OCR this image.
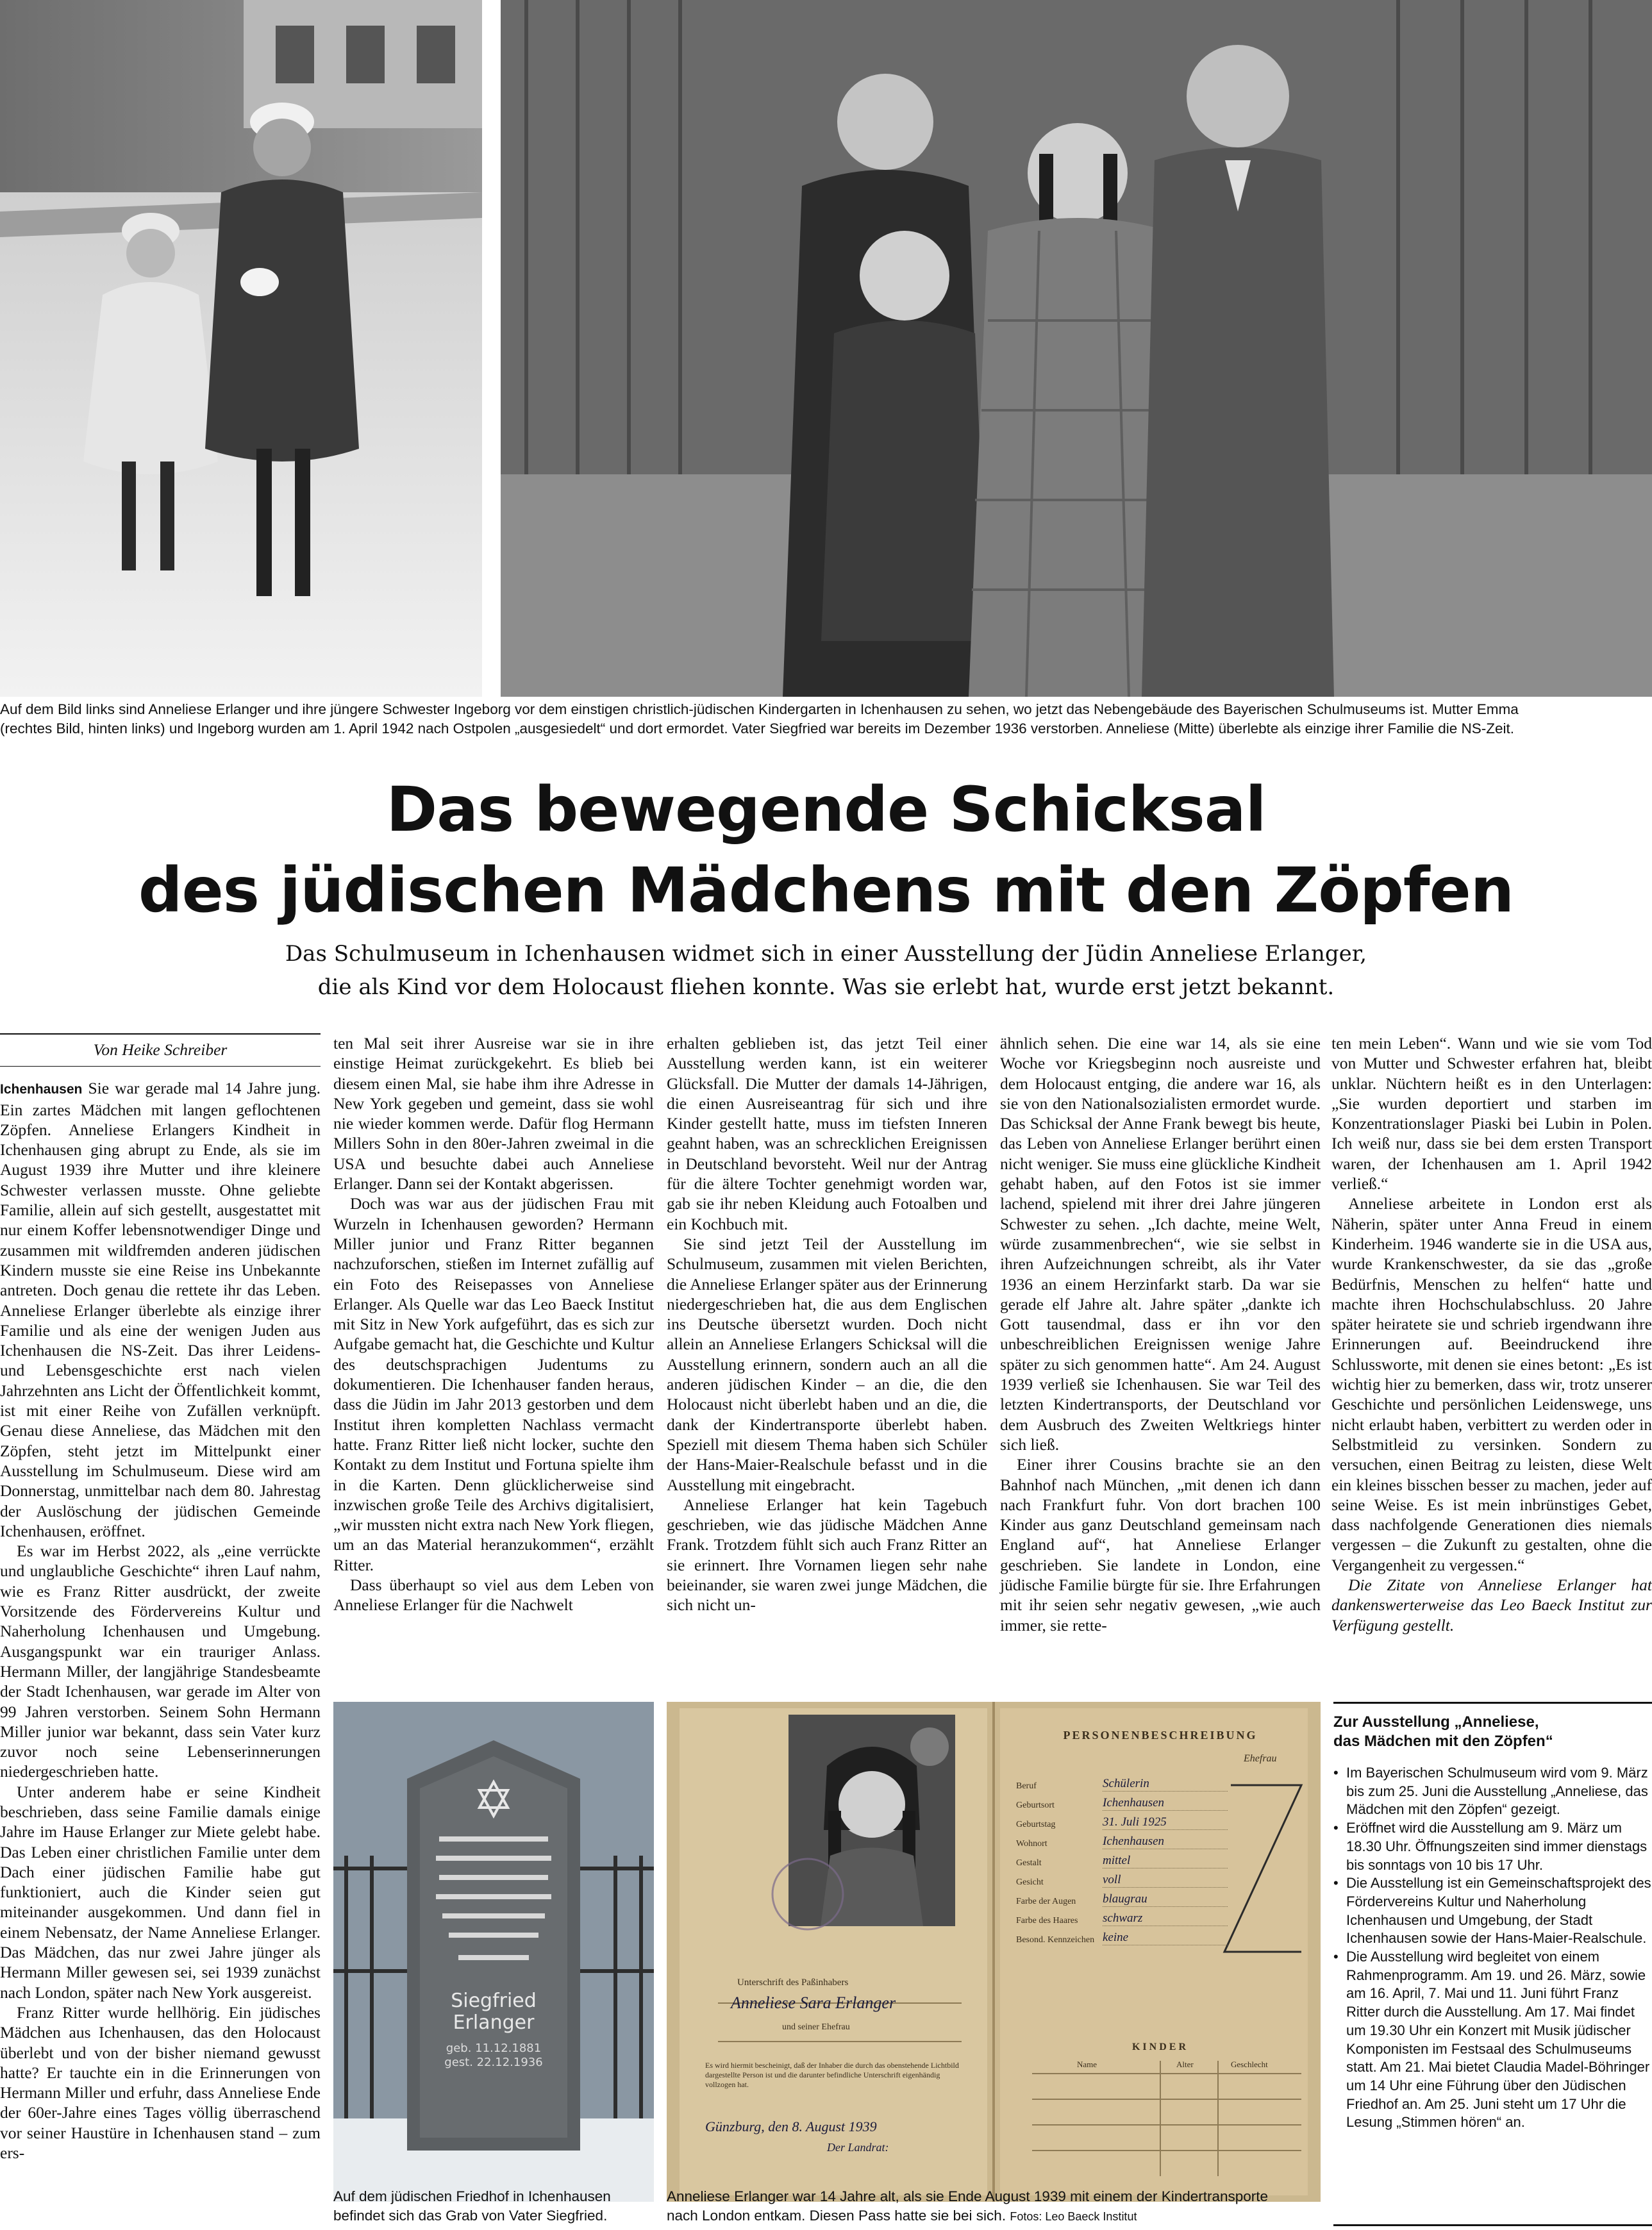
Auf dem Bild links sind Anneliese Erlanger und ihre jüngere Schwester Ingeborg vor dem einstigen christlich-jüdischen Kindergarten in Ichenhausen zu sehen, wo jetzt das Nebengebäude des Bayerischen Schulmuseums ist. Mutter Emma
(rechtes Bild, hinten links) und Ingeborg wurden am 1. April 1942 nach Ostpolen „ausgesiedelt“ und dort ermordet. Vater Siegfried war bereits im Dezember 1936 verstorben. Anneliese (Mitte) überlebte als einzige ihrer Familie die NS-Zeit.

Das bewegende Schicksal
des jüdischen Mädchens mit den Zöpfen

Das Schulmuseum in Ichenhausen widmet sich in einer Ausstellung der Jüdin Anneliese Erlanger,
die als Kind vor dem Holocaust fliehen konnte. Was sie erlebt hat, wurde erst jetzt bekannt.

Von Heike Schreiber

Ichenhausen Sie war gerade mal 14 Jahre jung. Ein zartes Mädchen mit langen geflochtenen Zöpfen. Anneliese Erlangers Kindheit in Ichenhausen ging abrupt zu Ende, als sie im August 1939 ihre Mutter und ihre kleinere Schwester verlassen musste. Ohne geliebte Familie, allein auf sich gestellt, ausgestattet mit nur einem Koffer lebensnotwendiger Dinge und zusammen mit wildfremden anderen jüdischen Kindern musste sie eine Reise ins Unbekannte antreten. Doch genau die rettete ihr das Leben. Anneliese Erlanger überlebte als einzige ihrer Familie und als eine der wenigen Juden aus Ichenhausen die NS-Zeit. Das ihrer Leidens- und Lebensgeschichte erst nach vielen Jahrzehnten ans Licht der Öffentlichkeit kommt, ist mit einer Reihe von Zufällen verknüpft. Genau diese Anneliese, das Mädchen mit den Zöpfen, steht jetzt im Mittelpunkt einer Ausstellung im Schulmuseum. Diese wird am Donnerstag, unmittelbar nach dem 80. Jahrestag der Auslöschung der jüdischen Gemeinde Ichenhausen, eröffnet.

Es war im Herbst 2022, als „eine verrückte und unglaubliche Geschichte“ ihren Lauf nahm, wie es Franz Ritter ausdrückt, der zweite Vorsitzende des Fördervereins Kultur und Naherholung Ichenhausen und Umgebung. Ausgangspunkt war ein trauriger Anlass. Hermann Miller, der langjährige Standesbeamte der Stadt Ichenhausen, war gerade im Alter von 99 Jahren verstorben. Seinem Sohn Hermann Miller junior war bekannt, dass sein Vater kurz zuvor noch seine Lebenserinnerungen niedergeschrieben hatte.

Unter anderem habe er seine Kindheit beschrieben, dass seine Familie damals einige Jahre im Hause Erlanger zur Miete gelebt habe. Das Leben einer christlichen Familie unter dem Dach einer jüdischen Familie habe gut funktioniert, auch die Kinder seien gut miteinander ausgekommen. Und dann fiel in einem Nebensatz, der Name Anneliese Erlanger. Das Mädchen, das nur zwei Jahre jünger als Hermann Miller gewesen sei, sei 1939 zunächst nach London, später nach New York ausgereist.

Franz Ritter wurde hellhörig. Ein jüdisches Mädchen aus Ichenhausen, das den Holocaust überlebt und von der bisher niemand gewusst hatte? Er tauchte ein in die Erinnerungen von Hermann Miller und erfuhr, dass Anneliese Ende der 60er-Jahre eines Tages völlig überraschend vor seiner Haustüre in Ichenhausen stand – zum ers-

ten Mal seit ihrer Ausreise war sie in ihre einstige Heimat zurückgekehrt. Es blieb bei diesem einen Mal, sie habe ihm ihre Adresse in New York gegeben und gemeint, dass sie wohl nie wieder kommen werde. Dafür flog Hermann Millers Sohn in den 80er-Jahren zweimal in die USA und besuchte dabei auch Anneliese Erlanger. Dann sei der Kontakt abgerissen.

Doch was war aus der jüdischen Frau mit Wurzeln in Ichenhausen geworden? Hermann Miller junior und Franz Ritter begannen nachzuforschen, stießen im Internet zufällig auf ein Foto des Reisepasses von Anneliese Erlanger. Als Quelle war das Leo Baeck Institut mit Sitz in New York aufgeführt, das es sich zur Aufgabe gemacht hat, die Geschichte und Kultur des deutschsprachigen Judentums zu dokumentieren. Die Ichenhauser fanden heraus, dass die Jüdin im Jahr 2013 gestorben und dem Institut ihren kompletten Nachlass vermacht hatte. Franz Ritter ließ nicht locker, suchte den Kontakt zu dem Institut und Fortuna spielte ihm in die Karten. Denn glücklicherweise sind inzwischen große Teile des Archivs digitalisiert, „wir mussten nicht extra nach New York fliegen, um an das Material heranzukommen“, erzählt Ritter.

Dass überhaupt so viel aus dem Leben von Anneliese Erlanger für die Nachwelt

erhalten geblieben ist, das jetzt Teil einer Ausstellung werden kann, ist ein weiterer Glücksfall. Die Mutter der damals 14-Jährigen, die einen Ausreiseantrag für sich und ihre Kinder gestellt hatte, muss im tiefsten Inneren geahnt haben, was an schrecklichen Ereignissen in Deutschland bevorsteht. Weil nur der Antrag für die ältere Tochter genehmigt worden war, gab sie ihr neben Kleidung auch Fotoalben und ein Kochbuch mit.

Sie sind jetzt Teil der Ausstellung im Schulmuseum, zusammen mit vielen Berichten, die Anneliese Erlanger später aus der Erinnerung niedergeschrieben hat, die aus dem Englischen ins Deutsche übersetzt wurden. Doch nicht allein an Anneliese Erlangers Schicksal will die Ausstellung erinnern, sondern auch an all die anderen jüdischen Kinder – an die, die den Holocaust nicht überlebt haben und an die, die dank der Kindertransporte überlebt haben. Speziell mit diesem Thema haben sich Schüler der Hans-Maier-Realschule befasst und in die Ausstellung mit eingebracht.

Anneliese Erlanger hat kein Tagebuch geschrieben, wie das jüdische Mädchen Anne Frank. Trotzdem fühlt sich auch Franz Ritter an sie erinnert. Ihre Vornamen liegen sehr nahe beieinander, sie waren zwei junge Mädchen, die sich nicht un-

ähnlich sehen. Die eine war 14, als sie eine Woche vor Kriegsbeginn noch ausreiste und dem Holocaust entging, die andere war 16, als sie von den Nationalsozialisten ermordet wurde. Das Schicksal der Anne Frank bewegt bis heute, das Leben von Anneliese Erlanger berührt einen nicht weniger. Sie muss eine glückliche Kindheit gehabt haben, auf den Fotos ist sie immer lachend, spielend mit ihrer drei Jahre jüngeren Schwester zu sehen. „Ich dachte, meine Welt, würde zusammenbrechen“, wie sie selbst in ihren Aufzeichnungen schreibt, als ihr Vater 1936 an einem Herzinfarkt starb. Da war sie gerade elf Jahre alt. Jahre später „dankte ich Gott tausendmal, dass er ihn vor den unbeschreiblichen Ereignissen wenige Jahre später zu sich genommen hatte“. Am 24. August 1939 verließ sie Ichenhausen. Sie war Teil des letzten Kindertransports, der Deutschland vor dem Ausbruch des Zweiten Weltkriegs hinter sich ließ.

Einer ihrer Cousins brachte sie an den Bahnhof nach München, „mit denen ich dann nach Frankfurt fuhr. Von dort brachen 100 Kinder aus ganz Deutschland gemeinsam nach England auf“, hat Anneliese Erlanger geschrieben. Sie landete in London, eine jüdische Familie bürgte für sie. Ihre Erfahrungen mit ihr seien sehr negativ gewesen, „wie auch immer, sie rette-

ten mein Leben“. Wann und wie sie vom Tod von Mutter und Schwester erfahren hat, bleibt unklar. Nüchtern heißt es in den Unterlagen: „Sie wurden deportiert und starben im Konzentrationslager Piaski bei Lubin in Polen. Ich weiß nur, dass sie bei dem ersten Transport waren, der Ichenhausen am 1. April 1942 verließ.“

Anneliese arbeitete in London erst als Näherin, später unter Anna Freud in einem Kinderheim. 1946 wanderte sie in die USA aus, wurde Krankenschwester, da sie das „große Bedürfnis, Menschen zu helfen“ hatte und machte ihren Hochschulabschluss. 20 Jahre später heiratete sie und schrieb irgendwann ihre Erinnerungen auf. Beeindruckend ihre Schlussworte, mit denen sie eines betont: „Es ist wichtig hier zu bemerken, dass wir, trotz unserer Geschichte und persönlichen Leidenswege, uns nicht erlaubt haben, verbittert zu werden oder in Selbstmitleid zu versinken. Sondern zu versuchen, einen Beitrag zu leisten, diese Welt ein kleines bisschen besser zu machen, jeder auf seine Weise. Es ist mein inbrünstiges Gebet, dass nachfolgende Generationen dies niemals vergessen – die Zukunft zu gestalten, ohne die Vergangenheit zu vergessen.“

Die Zitate von Anneliese Erlanger hat dankenswerterweise das Leo Baeck Institut zur Verfügung gestellt.

Siegfried
Erlanger
geb. 11.12.1881
gest. 22.12.1936

Auf dem jüdischen Friedhof in Ichenhausen
befindet sich das Grab von Vater Siegfried.

PERSONENBESCHREIBUNG
Ehefrau
Beruf	Schülerin
Geburtsort	Ichenhausen
Geburtstag	31. Juli 1925
Wohnort	Ichenhausen
Gestalt	mittel
Gesicht	voll
Farbe der Augen	blaugrau
Farbe des Haares	schwarz
Besond. Kennzeichen keine
Unterschrift des Paßinhabers
Anneliese Sara Erlanger
und seiner Ehefrau
KINDER
Name	Alter	Geschlecht
Es wird hiermit bescheinigt, daß der Inhaber die durch das obenstehende Lichtbild dargestellte Person ist und die darunter befindliche Unterschrift eigenhändig vollzogen hat.
Günzburg, den 8. August 1939
Der Landrat:

Anneliese Erlanger war 14 Jahre alt, als sie Ende August 1939 mit einem der Kindertransporte
nach London entkam. Diesen Pass hatte sie bei sich. Fotos: Leo Baeck Institut

Zur Ausstellung „Anneliese,
das Mädchen mit den Zöpfen“
• Im Bayerischen Schulmuseum wird vom 9. März bis zum 25. Juni die Ausstellung „Anneliese, das Mädchen mit den Zöpfen“ gezeigt.
• Eröffnet wird die Ausstellung am 9. März um 18.30 Uhr. Öffnungszeiten sind immer dienstags bis sonntags von 10 bis 17 Uhr.
• Die Ausstellung ist ein Gemeinschaftsprojekt des Fördervereins Kultur und Naherholung Ichenhausen und Umgebung, der Stadt Ichenhausen sowie der Hans-Maier-Realschule.
• Die Ausstellung wird begleitet von einem Rahmenprogramm. Am 19. und 26. März, sowie am 16. April, 7. Mai und 11. Juni führt Franz Ritter durch die Ausstellung. Am 17. Mai findet um 19.30 Uhr ein Konzert mit Musik jüdischer Komponisten im Festsaal des Schulmuseums statt. Am 21. Mai bietet Claudia Madel-Böhringer um 14 Uhr eine Führung über den Jüdischen Friedhof an. Am 25. Juni steht um 17 Uhr die Lesung „Stimmen hören“ an.
